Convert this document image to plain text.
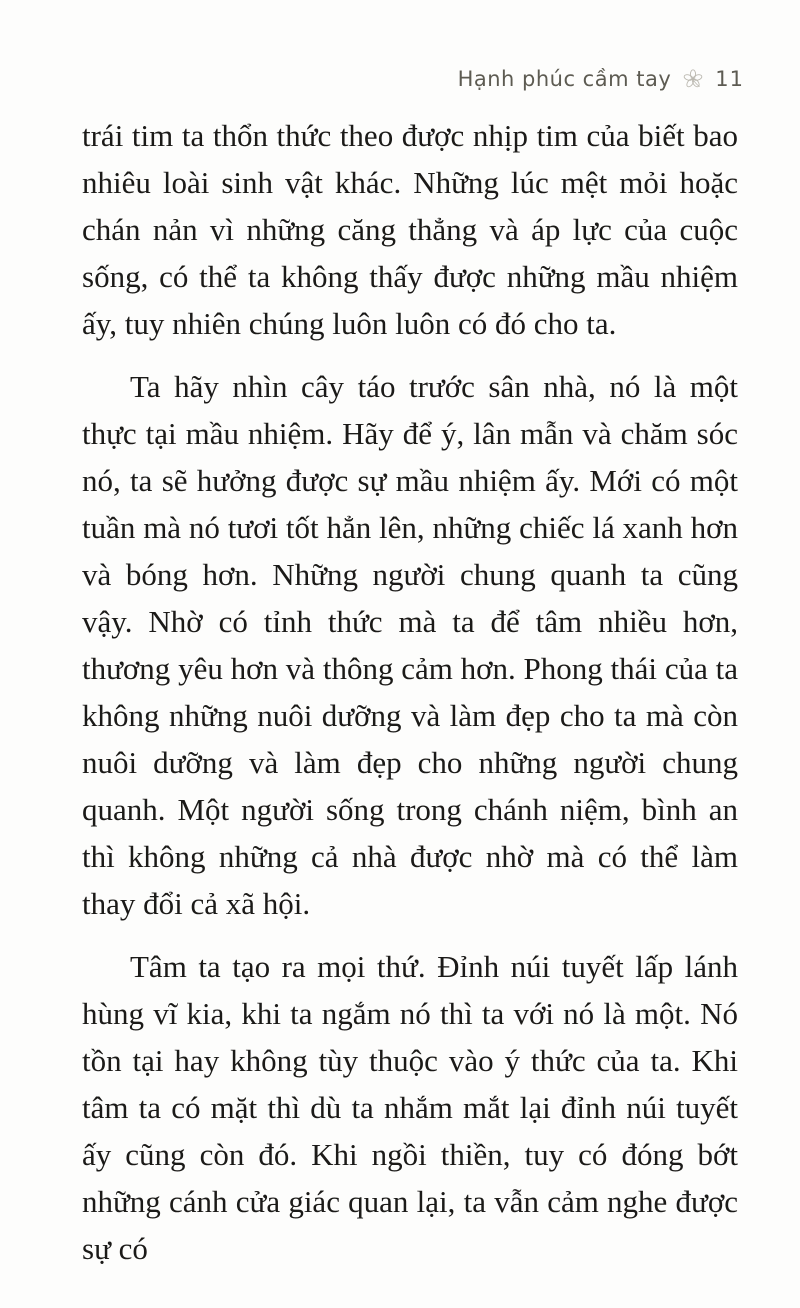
Hạnh phúc cầm tay 11

trái tim ta thổn thức theo được nhịp tim của biết bao nhiêu loài sinh vật khác. Những lúc mệt mỏi hoặc chán nản vì những căng thẳng và áp lực của cuộc sống, có thể ta không thấy được những mầu nhiệm ấy, tuy nhiên chúng luôn luôn có đó cho ta.

Ta hãy nhìn cây táo trước sân nhà, nó là một thực tại mầu nhiệm. Hãy để ý, lân mẫn và chăm sóc nó, ta sẽ hưởng được sự mầu nhiệm ấy. Mới có một tuần mà nó tươi tốt hẳn lên, những chiếc lá xanh hơn và bóng hơn. Những người chung quanh ta cũng vậy. Nhờ có tỉnh thức mà ta để tâm nhiều hơn, thương yêu hơn và thông cảm hơn. Phong thái của ta không những nuôi dưỡng và làm đẹp cho ta mà còn nuôi dưỡng và làm đẹp cho những người chung quanh. Một người sống trong chánh niệm, bình an thì không những cả nhà được nhờ mà có thể làm thay đổi cả xã hội.

Tâm ta tạo ra mọi thứ. Đỉnh núi tuyết lấp lánh hùng vĩ kia, khi ta ngắm nó thì ta với nó là một. Nó tồn tại hay không tùy thuộc vào ý thức của ta. Khi tâm ta có mặt thì dù ta nhắm mắt lại đỉnh núi tuyết ấy cũng còn đó. Khi ngồi thiền, tuy có đóng bớt những cánh cửa giác quan lại, ta vẫn cảm nghe được sự có
